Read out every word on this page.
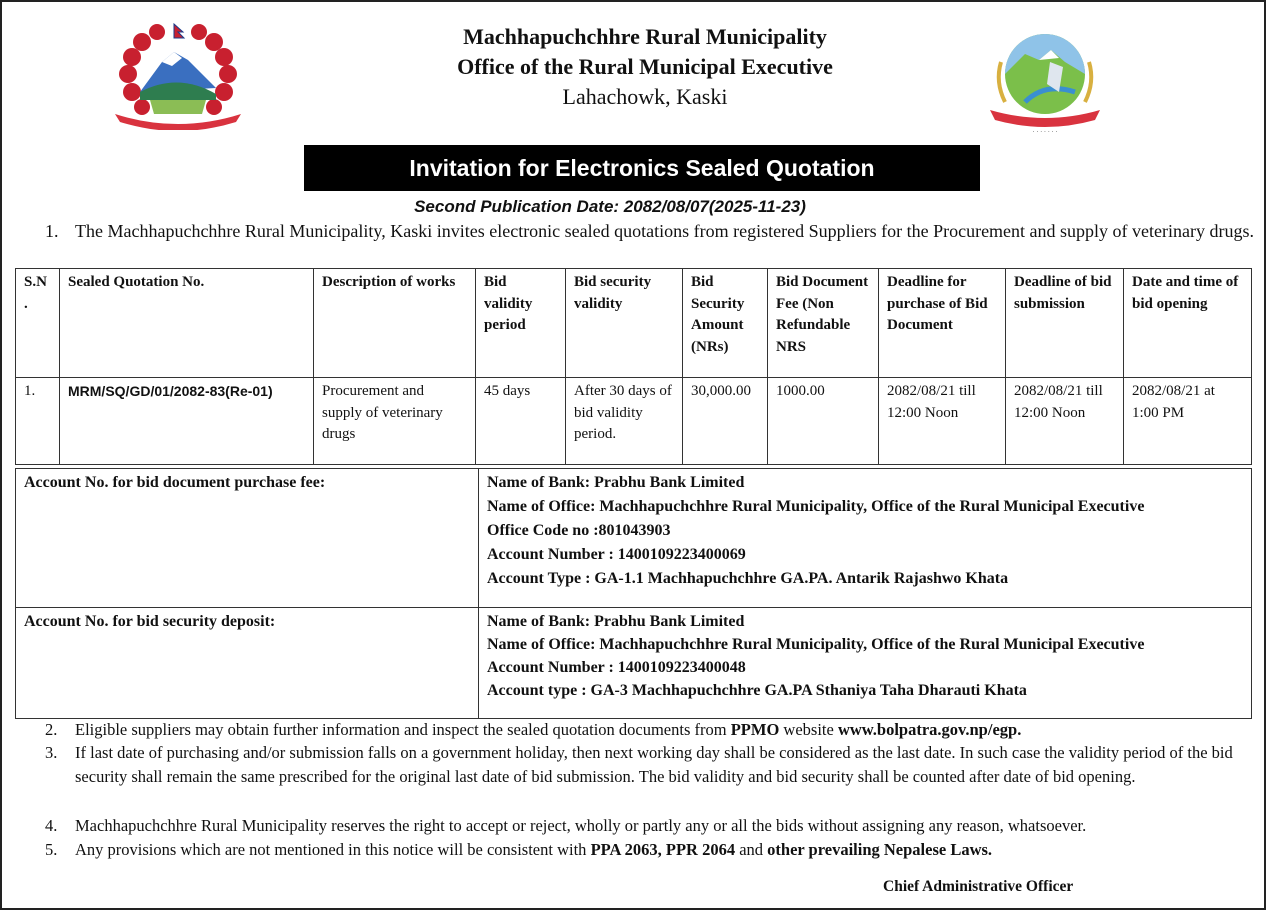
· · · · · · ·
Machhapuchchhre Rural Municipality
Office of the Rural Municipal Executive
Lahachowk, Kaski
Invitation for Electronics Sealed Quotation
Second Publication Date: 2082/08/07(2025-11-23)
1. The Machhapuchchhre Rural Municipality, Kaski invites electronic sealed quotations from registered Suppliers for the Procurement and supply of veterinary drugs.
S.N .	Sealed Quotation No.	Description of works	Bid validity period	Bid security validity	Bid Security Amount (NRs)	Bid Document Fee (Non Refundable NRS	Deadline for purchase of Bid Document	Deadline of bid submission	Date and time of bid opening
1.	MRM/SQ/GD/01/2082-83(Re-01)	Procurement and supply of veterinary drugs	45 days	After 30 days of bid validity period.	30,000.00	1000.00	2082/08/21 till 12:00 Noon	2082/08/21 till 12:00 Noon	2082/08/21 at 1:00 PM
Account No. for bid document purchase fee:	Name of Bank: Prabhu Bank Limited
Name of Office: Machhapuchchhre Rural Municipality, Office of the Rural Municipal Executive
Office Code no :801043903
Account Number : 1400109223400069
Account Type : GA-1.1 Machhapuchchhre GA.PA. Antarik Rajashwo Khata

Account No. for bid security deposit:	Name of Bank: Prabhu Bank Limited
Name of Office: Machhapuchchhre Rural Municipality, Office of the Rural Municipal Executive
Account Number : 1400109223400048
Account type : GA-3 Machhapuchchhre GA.PA Sthaniya Taha Dharauti Khata
2. Eligible suppliers may obtain further information and inspect the sealed quotation documents from PPMO website www.bolpatra.gov.np/egp.
3. If last date of purchasing and/or submission falls on a government holiday, then next working day shall be considered as the last date. In such case the validity period of the bid security shall remain the same prescribed for the original last date of bid submission. The bid validity and bid security shall be counted after date of bid opening.
4. Machhapuchchhre Rural Municipality reserves the right to accept or reject, wholly or partly any or all the bids without assigning any reason, whatsoever.
5. Any provisions which are not mentioned in this notice will be consistent with PPA 2063, PPR 2064 and other prevailing Nepalese Laws.
Chief Administrative Officer
